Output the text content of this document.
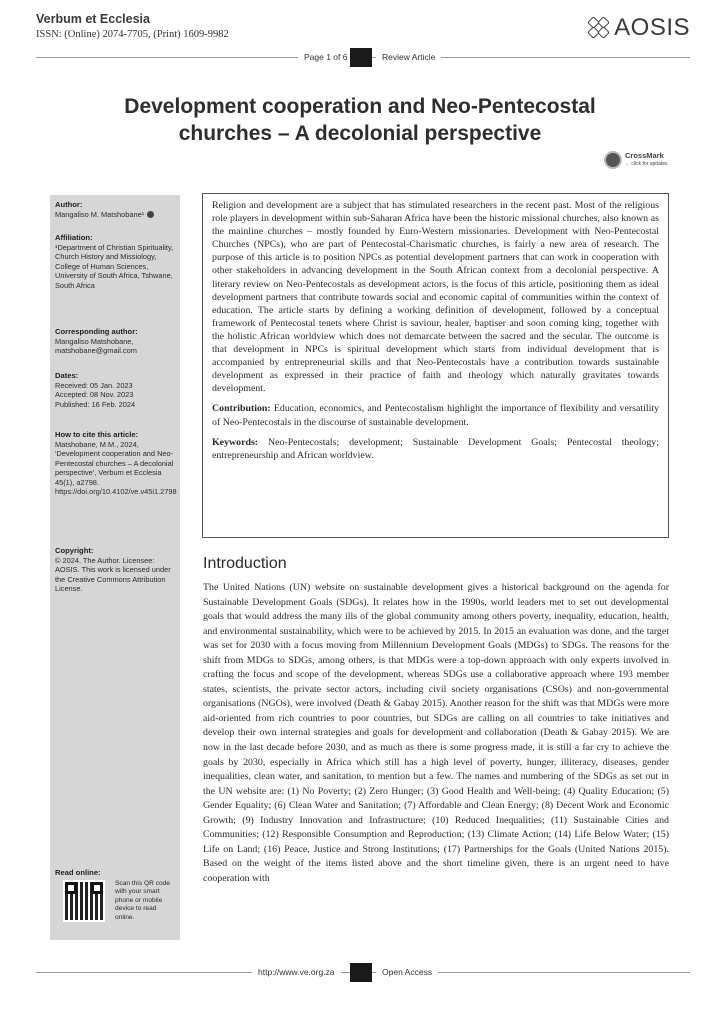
Verbum et Ecclesia
ISSN: (Online) 2074-7705, (Print) 1609-9982	AOSIS
Page 1 of 6	Review Article
Development cooperation and Neo-Pentecostal
churches – A decolonial perspective
CrossMark
← click for updates
Author:
Mangaliso M. Matshobane¹
Affiliation:
¹Department of Christian Spirituality, Church History and Missiology, College of Human Sciences, University of South Africa, Tshwane, South Africa
Corresponding author:
Mangaliso Matshobane,
matshobane@gmail.com
Dates:
Received: 05 Jan. 2023
Accepted: 08 Nov. 2023
Published: 16 Feb. 2024
How to cite this article:
Matshobane, M.M., 2024, 'Development cooperation and Neo-Pentecostal churches – A decolonial perspective', Verbum et Ecclesia 45(1), a2798. https://doi.org/10.4102/ve.v45i1.2798
Copyright:
© 2024. The Author. Licensee: AOSIS. This work is licensed under the Creative Commons Attribution License.
Read online:
Scan this QR code with your smart phone or mobile device to read online.

Religion and development are a subject that has stimulated researchers in the recent past. Most of the religious role players in development within sub-Saharan Africa have been the historic missional churches, also known as the mainline churches – mostly founded by Euro-Western missionaries. Development with Neo-Pentecostal Churches (NPCs), who are part of Pentecostal-Charismatic churches, is fairly a new area of research. The purpose of this article is to position NPCs as potential development partners that can work in cooperation with other stakeholders in advancing development in the South African context from a decolonial perspective. A literary review on Neo-Pentecostals as development actors, is the focus of this article, positioning them as ideal development partners that contribute towards social and economic capital of communities within the context of education. The article starts by defining a working definition of development, followed by a conceptual framework of Pentecostal tenets where Christ is saviour, healer, baptiser and soon coming king, together with the holistic African worldview which does not demarcate between the sacred and the secular. The outcome is that development in NPCs is spiritual development which starts from individual development that is accompanied by entrepreneurial skills and that Neo-Pentecostals have a contribution towards sustainable development as expressed in their practice of faith and theology which naturally gravitates towards development.

Contribution: Education, economics, and Pentecostalism highlight the importance of flexibility and versatility of Neo-Pentecostals in the discourse of sustainable development.

Keywords: Neo-Pentecostals; development; Sustainable Development Goals; Pentecostal theology; entrepreneurship and African worldview.

Introduction

The United Nations (UN) website on sustainable development gives a historical background on the agenda for Sustainable Development Goals (SDGs). It relates how in the 1990s, world leaders met to set out developmental goals that would address the many ills of the global community among others poverty, inequality, education, health, and environmental sustainability, which were to be achieved by 2015. In 2015 an evaluation was done, and the target was set for 2030 with a focus moving from Millennium Development Goals (MDGs) to SDGs. The reasons for the shift from MDGs to SDGs, among others, is that MDGs were a top-down approach with only experts involved in crafting the focus and scope of the development, whereas SDGs use a collaborative approach where 193 member states, scientists, the private sector actors, including civil society organisations (CSOs) and non-governmental organisations (NGOs), were involved (Death & Gabay 2015). Another reason for the shift was that MDGs were more aid-oriented from rich countries to poor countries, but SDGs are calling on all countries to take initiatives and develop their own internal strategies and goals for development and collaboration (Death & Gabay 2015). We are now in the last decade before 2030, and as much as there is some progress made, it is still a far cry to achieve the goals by 2030, especially in Africa which still has a high level of poverty, hunger, illiteracy, diseases, gender inequalities, clean water, and sanitation, to mention but a few. The names and numbering of the SDGs as set out in the UN website are: (1) No Poverty; (2) Zero Hunger; (3) Good Health and Well-being; (4) Quality Education; (5) Gender Equality; (6) Clean Water and Sanitation; (7) Affordable and Clean Energy; (8) Decent Work and Economic Growth; (9) Industry Innovation and Infrastructure; (10) Reduced Inequalities; (11) Sustainable Cities and Communities; (12) Responsible Consumption and Reproduction; (13) Climate Action; (14) Life Below Water; (15) Life on Land; (16) Peace, Justice and Strong Institutions; (17) Partnerships for the Goals (United Nations 2015). Based on the weight of the items listed above and the short timeline given, there is an urgent need to have cooperation with

http://www.ve.org.za	Open Access
